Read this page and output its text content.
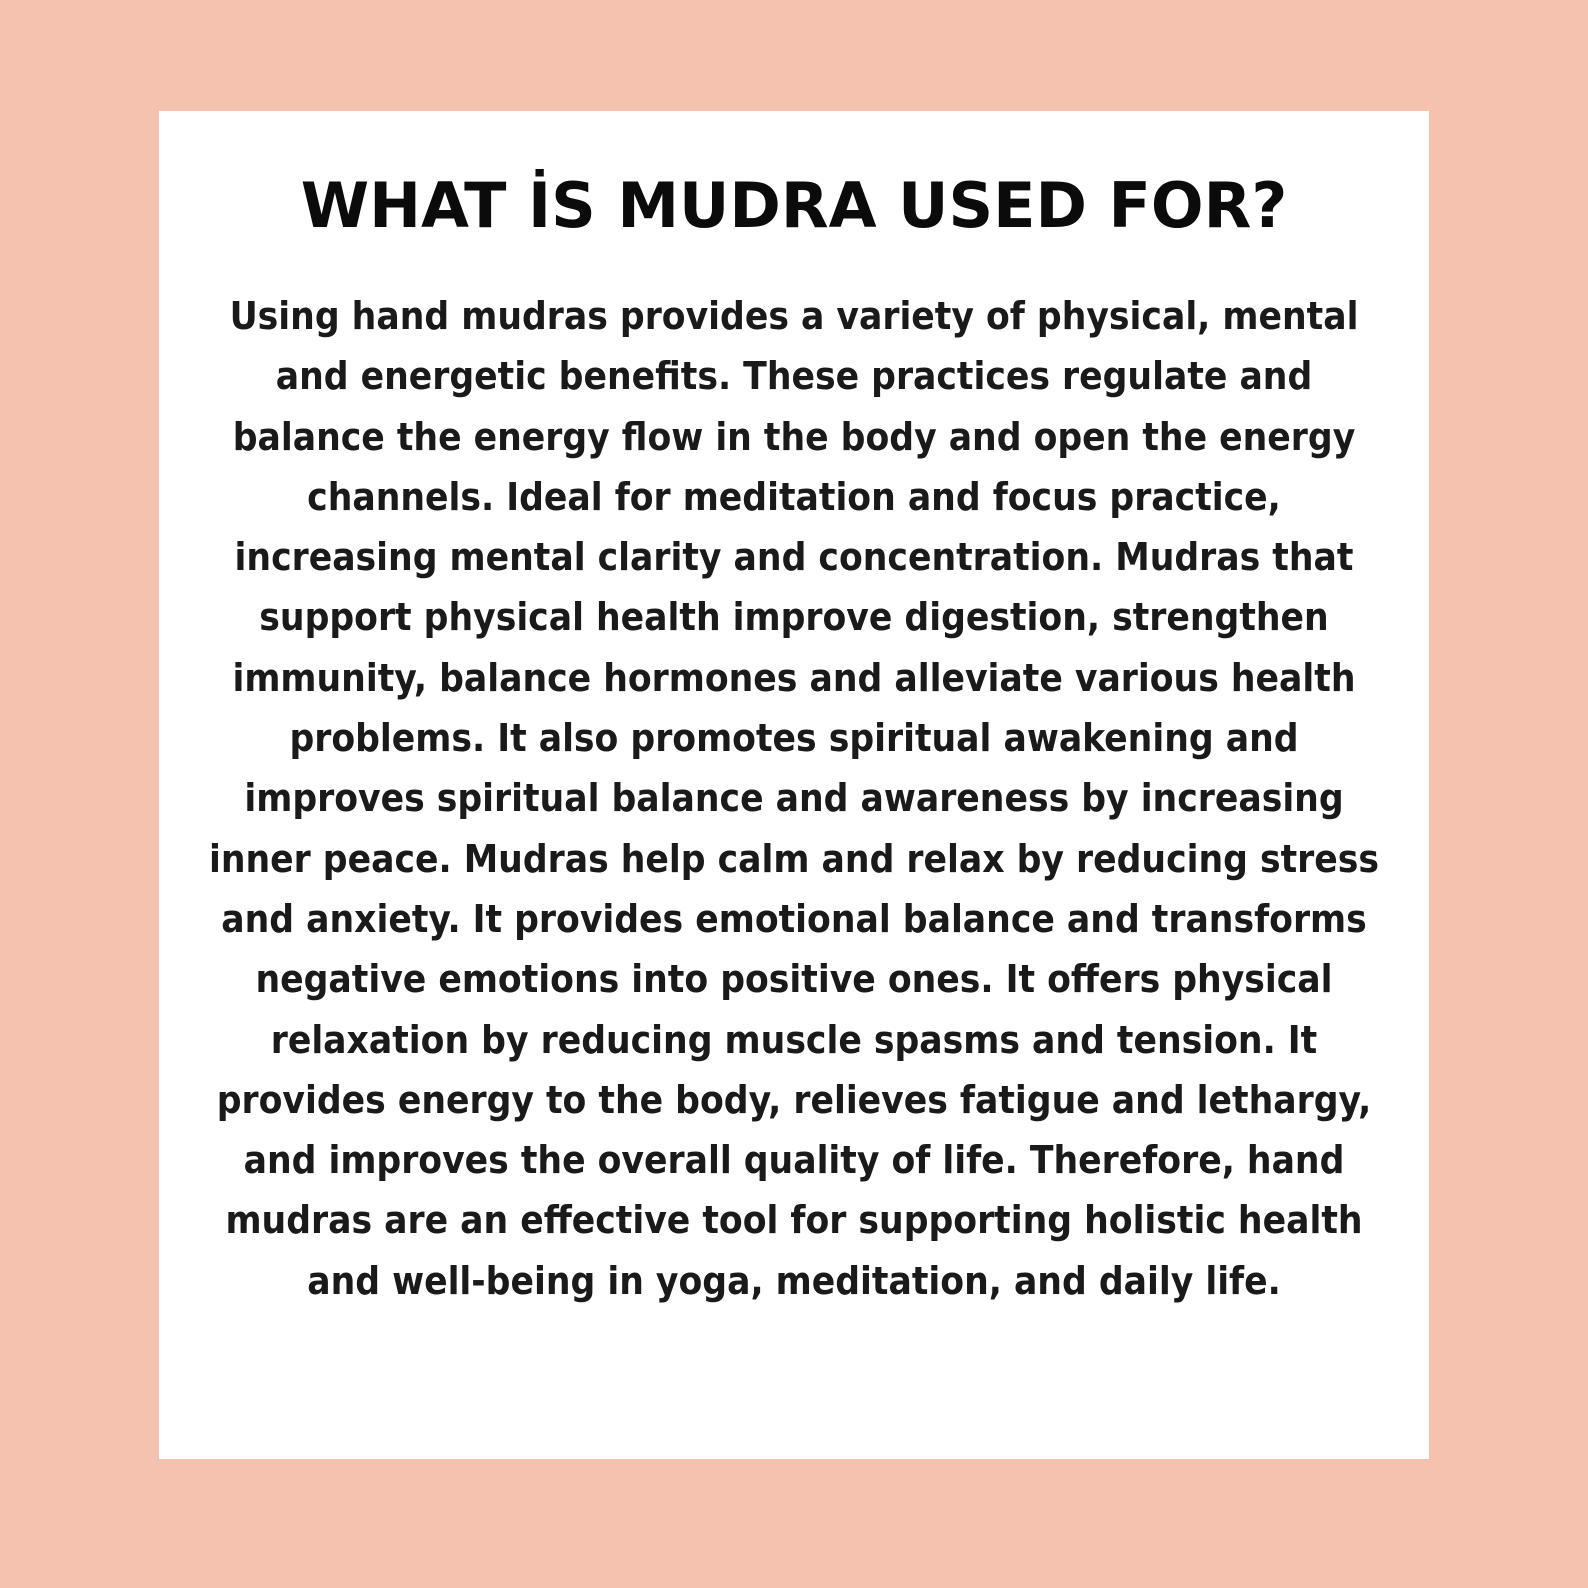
WHAT İS MUDRA USED FOR?

Using hand mudras provides a variety of physical, mental
and energetic benefits. These practices regulate and
balance the energy flow in the body and open the energy
channels. Ideal for meditation and focus practice,
increasing mental clarity and concentration. Mudras that
support physical health improve digestion, strengthen
immunity, balance hormones and alleviate various health
problems. It also promotes spiritual awakening and
improves spiritual balance and awareness by increasing
inner peace. Mudras help calm and relax by reducing stress
and anxiety. It provides emotional balance and transforms
negative emotions into positive ones. It offers physical
relaxation by reducing muscle spasms and tension. It
provides energy to the body, relieves fatigue and lethargy,
and improves the overall quality of life. Therefore, hand
mudras are an effective tool for supporting holistic health
and well-being in yoga, meditation, and daily life.
